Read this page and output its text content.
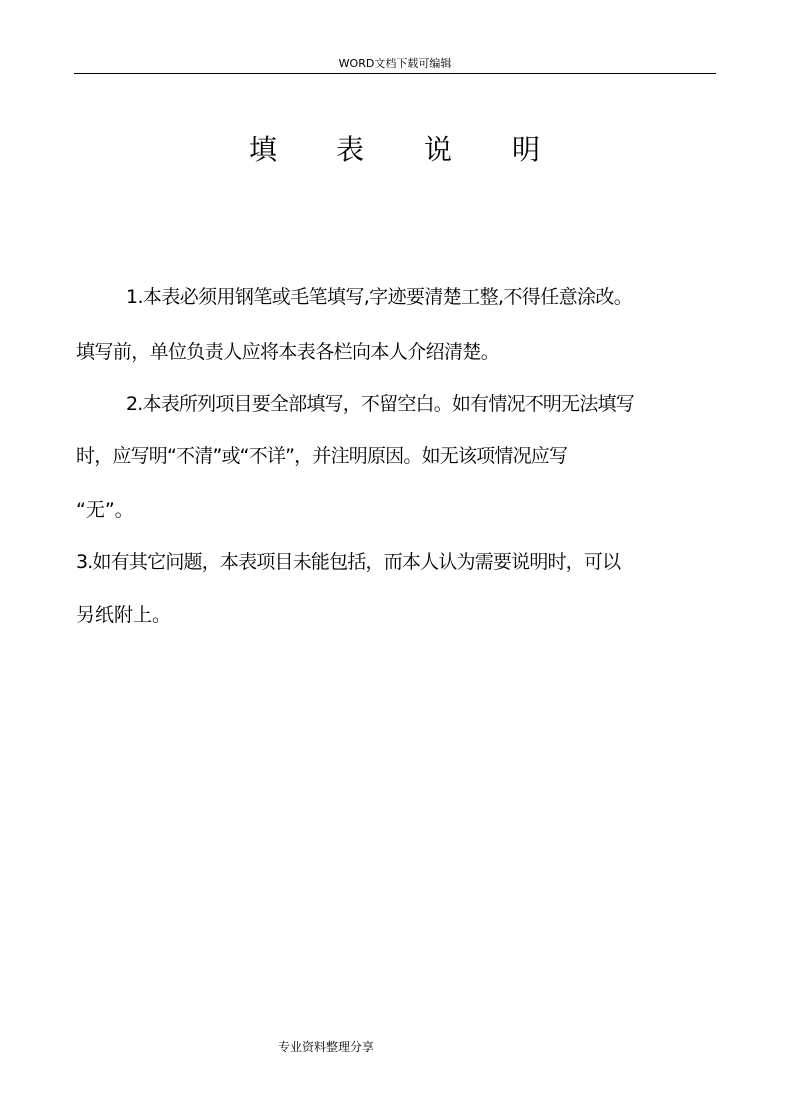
WORD文档下载可编辑
填 表 说 明
1.本表必须用钢笔或毛笔填写,字迹要清楚工整,不得任意涂改。
填写前，单位负责人应将本表各栏向本人介绍清楚。
2.本表所列项目要全部填写，不留空白。如有情况不明无法填写
时，应写明“不清”或“不详”，并注明原因。如无该项情况应写
“无”。
3.如有其它问题，本表项目未能包括，而本人认为需要说明时，可以
另纸附上。
专业资料整理分享
